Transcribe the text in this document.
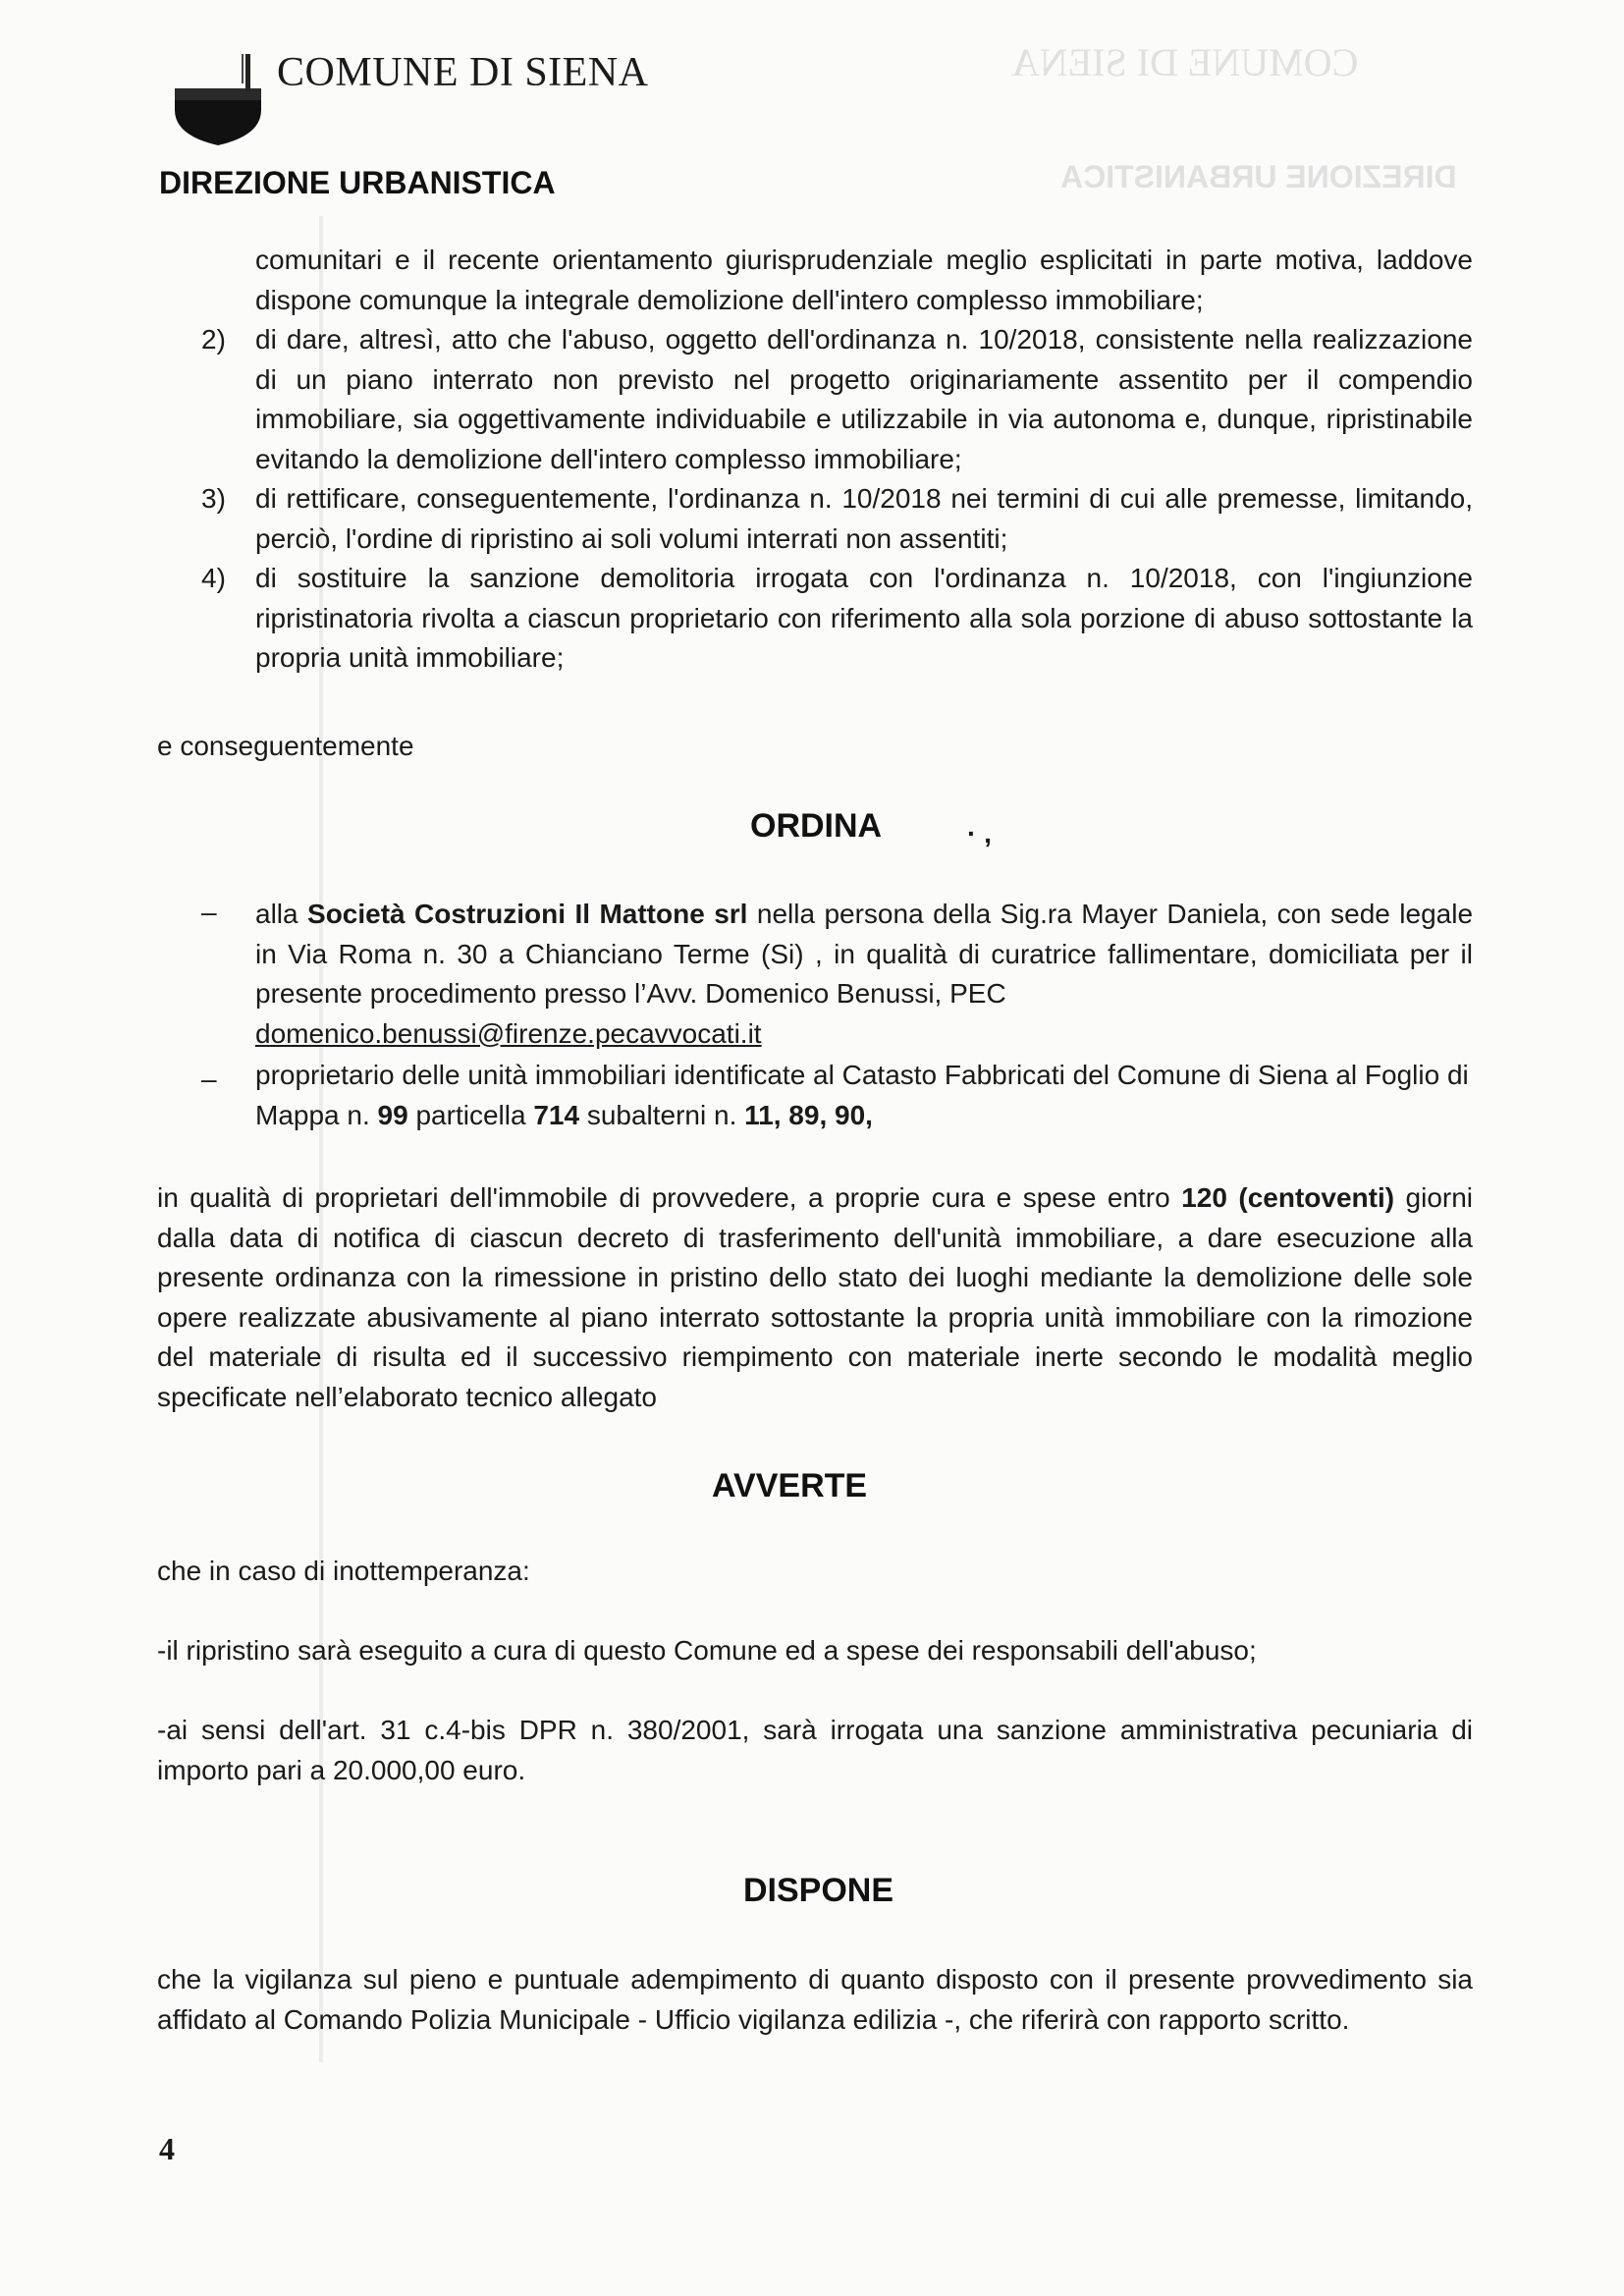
COMUNE DI SIENA
DIREZIONE URBANISTICA
COMUNE DI SIENA
DIREZIONE URBANISTICA
comunitari e il recente orientamento giurisprudenziale meglio esplicitati in parte motiva, laddove dispone comunque la integrale demolizione dell'intero complesso immobiliare;
2) di dare, altresì, atto che l'abuso, oggetto dell'ordinanza n. 10/2018, consistente nella realizzazione di un piano interrato non previsto nel progetto originariamente assentito per il compendio immobiliare, sia oggettivamente individuabile e utilizzabile in via autonoma e, dunque, ripristinabile evitando la demolizione dell'intero complesso immobiliare;
3) di rettificare, conseguentemente, l'ordinanza n. 10/2018 nei termini di cui alle premesse, limitando, perciò, l'ordine di ripristino ai soli volumi interrati non assentiti;
4) di sostituire la sanzione demolitoria irrogata con l'ordinanza n. 10/2018, con l'ingiunzione ripristinatoria rivolta a ciascun proprietario con riferimento alla sola porzione di abuso sottostante la propria unità immobiliare;
e conseguentemente
ORDINA	· ,
– alla Società Costruzioni Il Mattone srl nella persona della Sig.ra Mayer Daniela, con sede legale in Via Roma n. 30 a Chianciano Terme (Si) , in qualità di curatrice fallimentare, domiciliata per il presente procedimento presso l’Avv. Domenico Benussi, PEC
domenico.benussi@firenze.pecavvocati.it
– proprietario delle unità immobiliari identificate al Catasto Fabbricati del Comune di Siena al Foglio di Mappa n. 99 particella 714 subalterni n. 11, 89, 90,
in qualità di proprietari dell'immobile di provvedere, a proprie cura e spese entro 120 (centoventi) giorni dalla data di notifica di ciascun decreto di trasferimento dell'unità immobiliare, a dare esecuzione alla presente ordinanza con la rimessione in pristino dello stato dei luoghi mediante la demolizione delle sole opere realizzate abusivamente al piano interrato sottostante la propria unità immobiliare con la rimozione del materiale di risulta ed il successivo riempimento con materiale inerte secondo le modalità meglio specificate nell’elaborato tecnico allegato
AVVERTE
che in caso di inottemperanza:
-il ripristino sarà eseguito a cura di questo Comune ed a spese dei responsabili dell'abuso;
-ai sensi dell'art. 31 c.4-bis DPR n. 380/2001, sarà irrogata una sanzione amministrativa pecuniaria di importo pari a 20.000,00 euro.
DISPONE
che la vigilanza sul pieno e puntuale adempimento di quanto disposto con il presente provvedimento sia affidato al Comando Polizia Municipale - Ufficio vigilanza edilizia -, che riferirà con rapporto scritto.
4
